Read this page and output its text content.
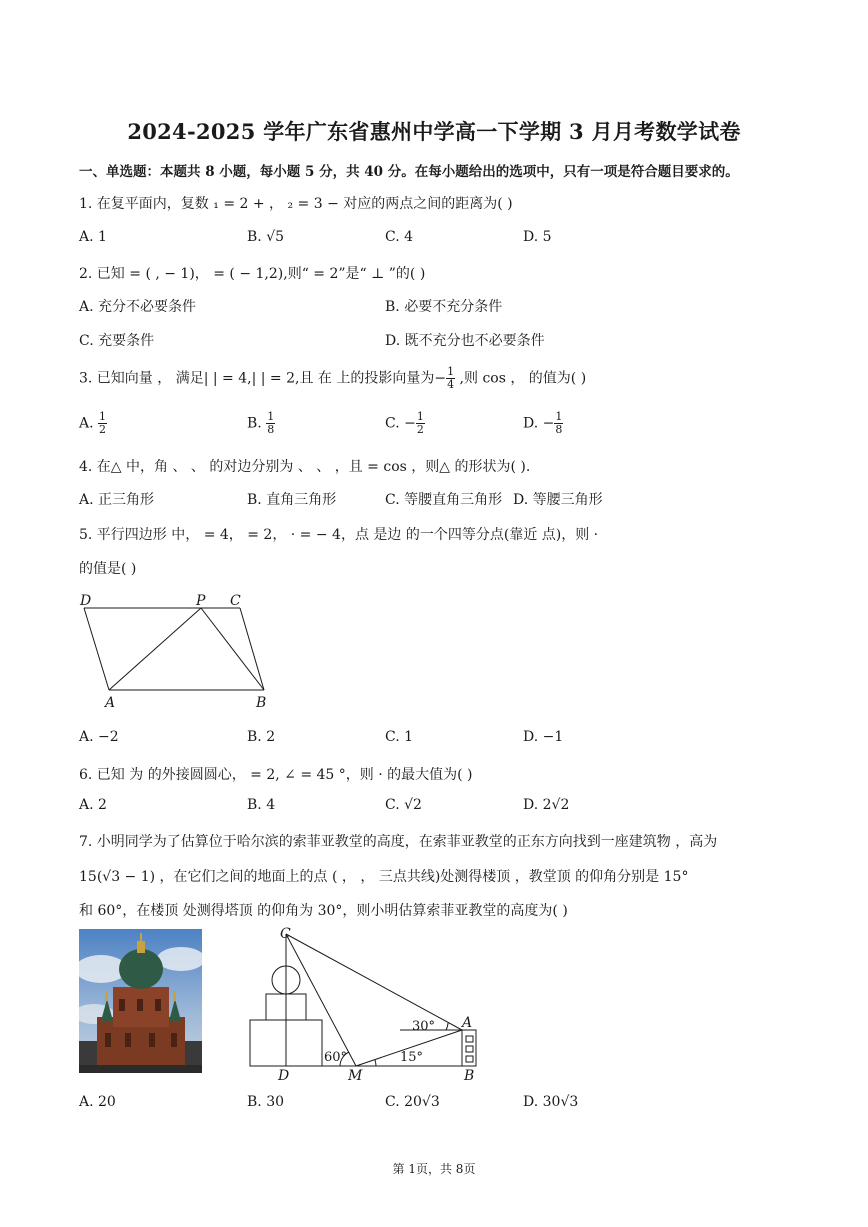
2024-2025 学年广东省惠州中学高一下学期 3 月月考数学试卷
一、单选题：本题共 8 小题，每小题 5 分，共 40 分。在每小题给出的选项中，只有一项是符合题目要求的。
1. 在复平面内，复数 ₁ = 2 + ， ₂ = 3 − 对应的两点之间的距离为( )
A. 1	B. √5	C. 4	D. 5
2. 已知 = ( , − 1)， = ( − 1,2),则“ = 2”是“ ⊥ ”的( )
A. 充分不必要条件	B. 必要不充分条件
C. 充要条件	D. 既不充分也不必要条件
3. 已知向量 ， 满足| | = 4,| | = 2,且 在 上的投影向量为− $\frac{1}{4}$ ,则 cos ， 的值为( )
A. $\frac{1}{2}$	B. $\frac{1}{8}$	C. − $\frac{1}{2}$	D. − $\frac{1}{8}$
4. 在△ 中，角 、 、 的对边分别为 、 、 ，且 = cos ，则△ 的形状为( ).
A. 正三角形	B. 直角三角形	C. 等腰直角三角形 D. 等腰三角形
5. 平行四边形 中， = 4， = 2， · = − 4，点 是边 的一个四等分点(靠近 点)，则 ·
的值是( )
D	P C
A	B
A. −2	B. 2	C. 1	D. −1
6. 已知 为 的外接圆圆心， = 2, ∠ = 45 °，则 · 的最大值为( )
A. 2	B. 4	C. √2	D. 2√2
7. 小明同学为了估算位于哈尔滨的索菲亚教堂的高度，在索菲亚教堂的正东方向找到一座建筑物 ，高为
15(√3 − 1) ，在它们之间的地面上的点 ( ， ， 三点共线)处测得楼顶 ，教堂顶 的仰角分别是 15°
和 60°，在楼顶 处测得塔顶 的仰角为 30°，则小明估算索菲亚教堂的高度为( )
C
A
D	M	B
60°	15°
30°
A. 20	B. 30	C. 20√3	D. 30√3
第 1页，共 8页
